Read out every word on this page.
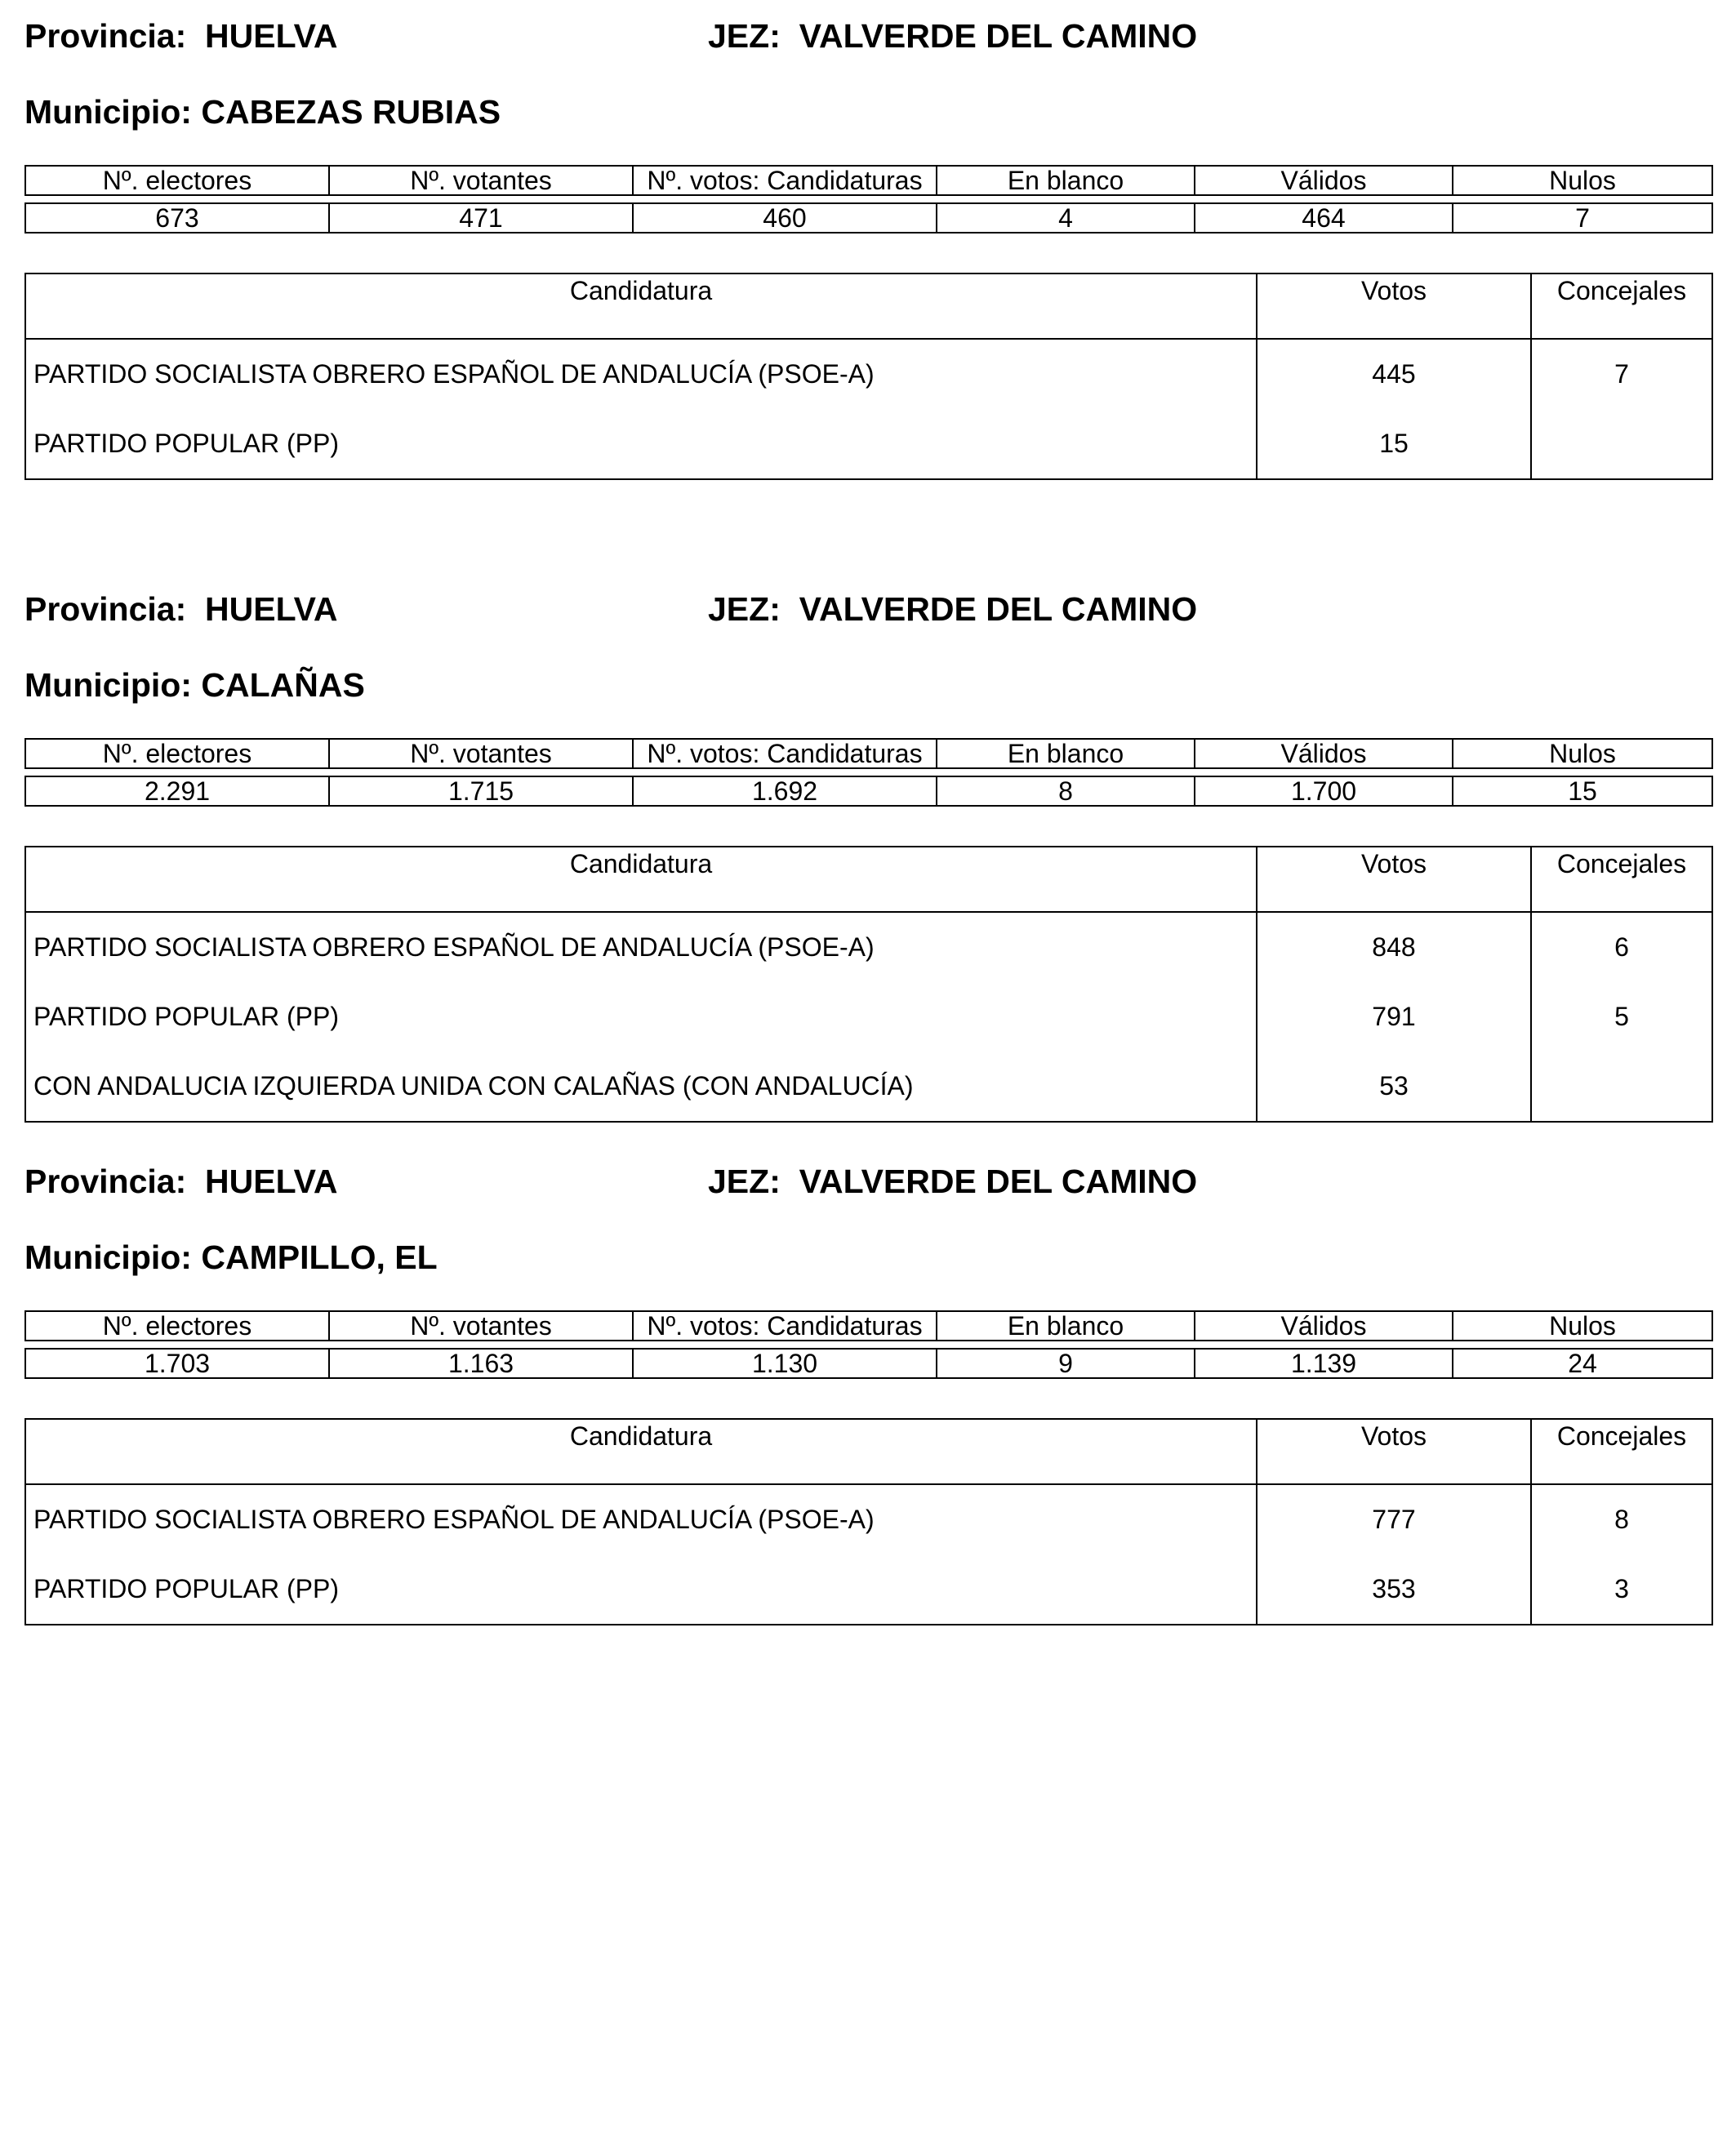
Provincia: HUELVA	JEZ: VALVERDE DEL CAMINO
Municipio: CABEZAS RUBIAS
Nº. electores	Nº. votantes	Nº. votos: Candidaturas	En blanco	Válidos	Nulos

673	471	460	4	464	7
Candidatura	Votos	Concejales
PARTIDO SOCIALISTA OBRERO ESPAÑOL DE ANDALUCÍA (PSOE-A)	445	7
PARTIDO POPULAR (PP)	15	
Provincia: HUELVA	JEZ: VALVERDE DEL CAMINO
Municipio: CALAÑAS
Nº. electores	Nº. votantes	Nº. votos: Candidaturas	En blanco	Válidos	Nulos

2.291	1.715	1.692	8	1.700	15
Candidatura	Votos	Concejales
PARTIDO SOCIALISTA OBRERO ESPAÑOL DE ANDALUCÍA (PSOE-A)	848	6
PARTIDO POPULAR (PP)	791	5
CON ANDALUCIA IZQUIERDA UNIDA CON CALAÑAS (CON ANDALUCÍA)	53	
Provincia: HUELVA	JEZ: VALVERDE DEL CAMINO
Municipio: CAMPILLO, EL
Nº. electores	Nº. votantes	Nº. votos: Candidaturas	En blanco	Válidos	Nulos

1.703	1.163	1.130	9	1.139	24
Candidatura	Votos	Concejales
PARTIDO SOCIALISTA OBRERO ESPAÑOL DE ANDALUCÍA (PSOE-A)	777	8
PARTIDO POPULAR (PP)	353	3
